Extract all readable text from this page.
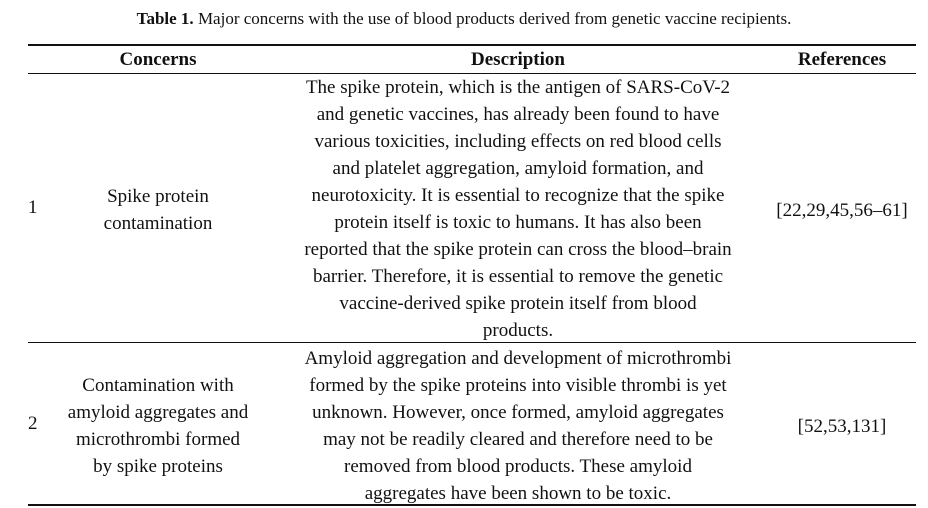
Table 1. Major concerns with the use of blood products derived from genetic vaccine recipients.
Concerns	Description	References
1
Spike protein
contamination
The spike protein, which is the antigen of SARS-CoV-2
and genetic vaccines, has already been found to have
various toxicities, including effects on red blood cells
and platelet aggregation, amyloid formation, and
neurotoxicity. It is essential to recognize that the spike
protein itself is toxic to humans. It has also been
reported that the spike protein can cross the blood–brain
barrier. Therefore, it is essential to remove the genetic
vaccine-derived spike protein itself from blood
products.
[22,29,45,56–61]
2
Contamination with
amyloid aggregates and
microthrombi formed
by spike proteins
Amyloid aggregation and development of microthrombi
formed by the spike proteins into visible thrombi is yet
unknown. However, once formed, amyloid aggregates
may not be readily cleared and therefore need to be
removed from blood products. These amyloid
aggregates have been shown to be toxic.
[52,53,131]
